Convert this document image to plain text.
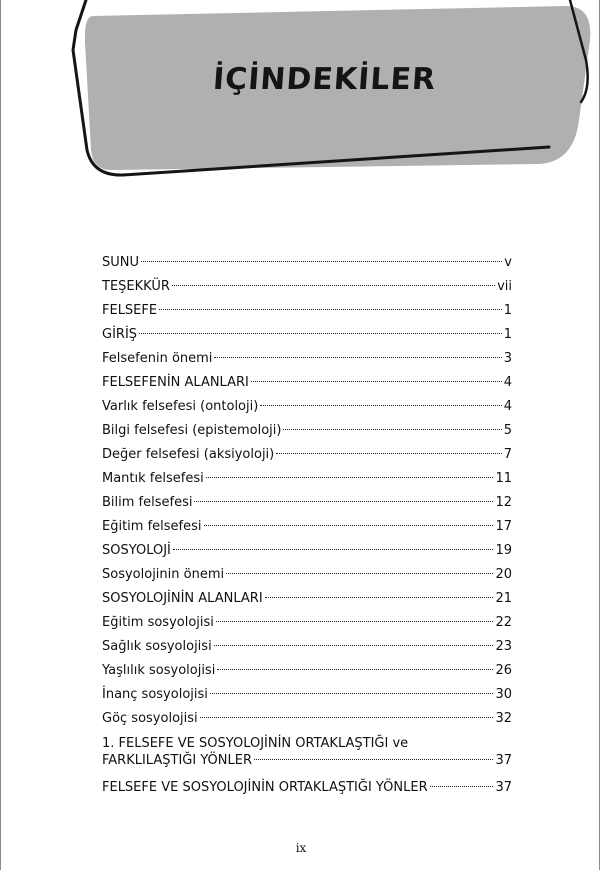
İÇİNDEKİLER
SUNU	v
TEŞEKKÜR	vii
FELSEFE	1
GİRİŞ	1
Felsefenin önemi	3
FELSEFENİN ALANLARI	4
Varlık felsefesi (ontoloji)	4
Bilgi felsefesi (epistemoloji)	5
Değer felsefesi (aksiyoloji)	7
Mantık felsefesi	11
Bilim felsefesi	12
Eğitim felsefesi	17
SOSYOLOJİ	19
Sosyolojinin önemi	20
SOSYOLOJİNİN ALANLARI	21
Eğitim sosyolojisi	22
Sağlık sosyolojisi	23
Yaşlılık sosyolojisi	26
İnanç sosyolojisi	30
Göç sosyolojisi	32
1. FELSEFE VE SOSYOLOJİNİN ORTAKLAŞTIĞI ve
FARKLILAŞTIĞI YÖNLER	37
FELSEFE VE SOSYOLOJİNİN ORTAKLAŞTIĞI YÖNLER	37
ix
